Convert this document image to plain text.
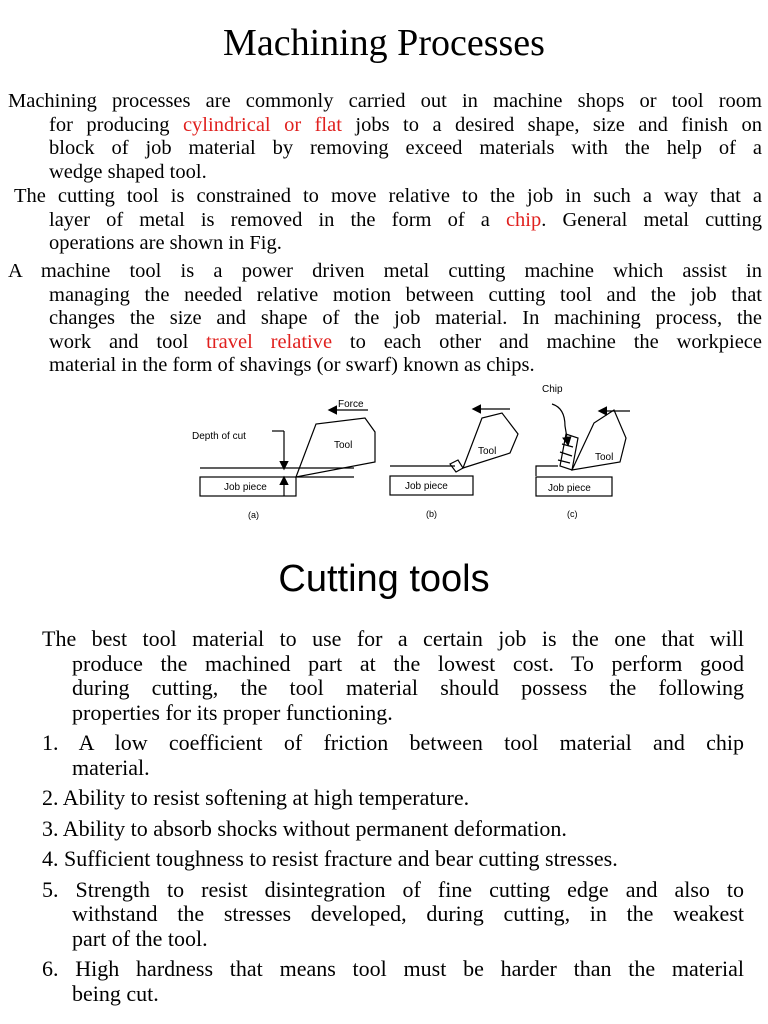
Machining Processes
Machining processes are commonly carried out in machine shops or tool room
for producing cylindrical or flat jobs to a desired shape, size and finish on
block of job material by removing exceed materials with the help of a
wedge shaped tool.
The cutting tool is constrained to move relative to the job in such a way that a
layer of metal is removed in the form of a chip. General metal cutting
operations are shown in Fig.
A machine tool is a power driven metal cutting machine which assist in
managing the needed relative motion between cutting tool and the job that
changes the size and shape of the job material. In machining process, the
work and tool travel relative to each other and machine the workpiece
material in the form of shavings (or swarf) known as chips.
Force
Depth of cut
Tool
Job piece
(a)
Tool
Job piece
(b)
Chip
Tool
Job piece
(c)
Cutting tools
The best tool material to use for a certain job is the one that will
produce the machined part at the lowest cost. To perform good
during cutting, the tool material should possess the following
properties for its proper functioning.
1. A low coefficient of friction between tool material and chip
material.
2. Ability to resist softening at high temperature.
3. Ability to absorb shocks without permanent deformation.
4. Sufficient toughness to resist fracture and bear cutting stresses.
5. Strength to resist disintegration of fine cutting edge and also to
withstand the stresses developed, during cutting, in the weakest
part of the tool.
6. High hardness that means tool must be harder than the material
being cut.
